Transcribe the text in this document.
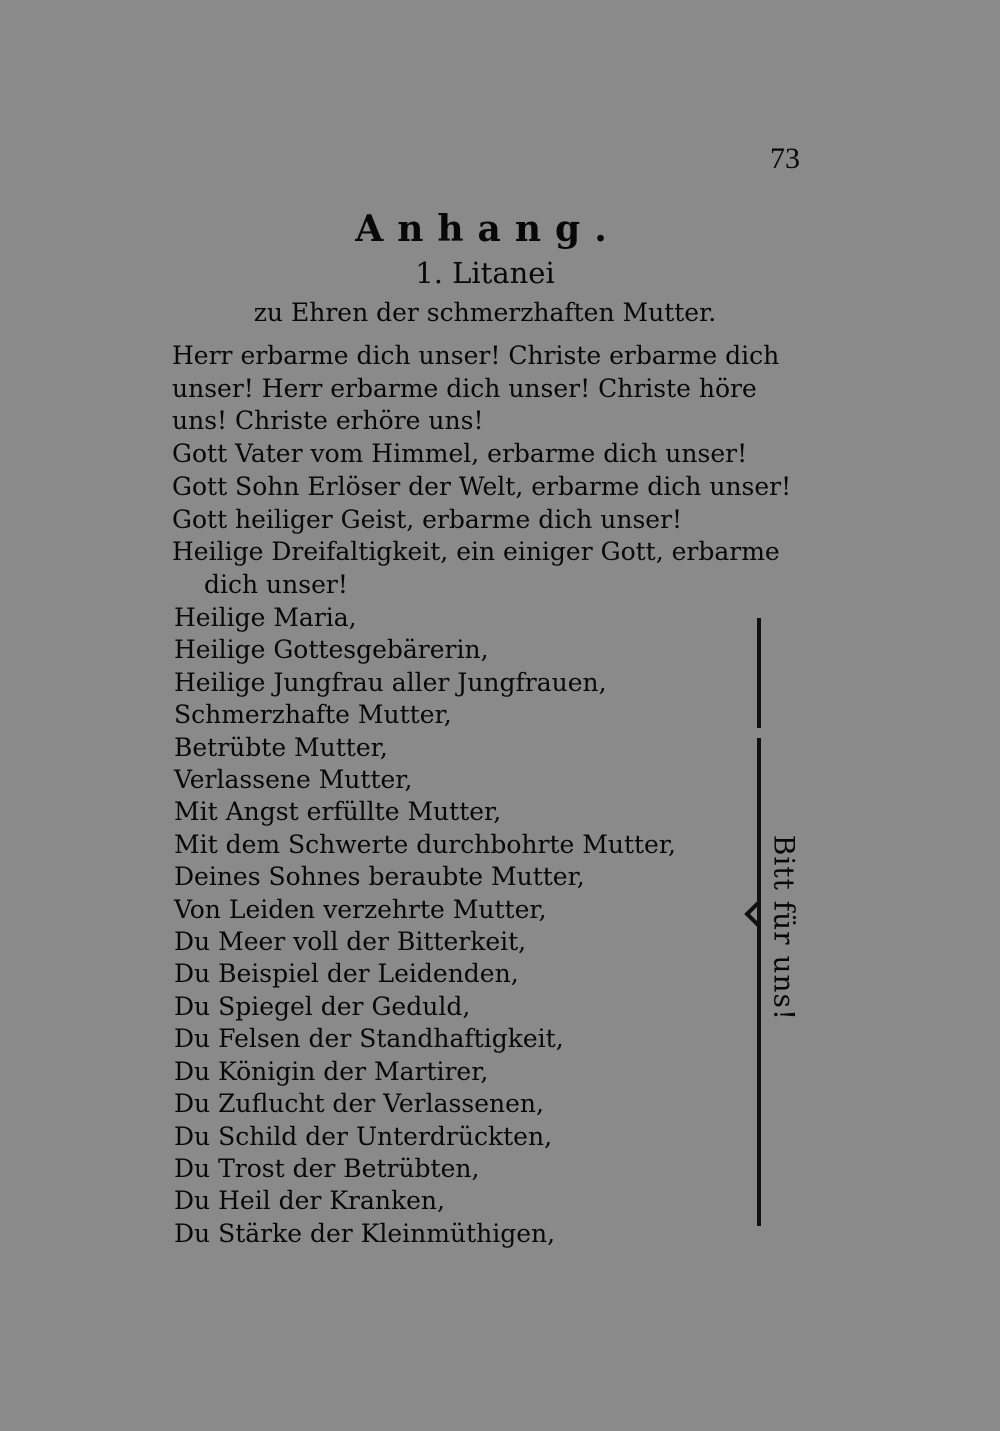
73
Anhang.
1. Litanei
zu Ehren der schmerzhaften Mutter.

Herr erbarme dich unser! Christe erbarme dich

unser! Herr erbarme dich unser! Christe höre

uns! Christe erhöre uns!

Gott Vater vom Himmel, erbarme dich unser!

Gott Sohn Erlöser der Welt, erbarme dich unser!

Gott heiliger Geist, erbarme dich unser!

Heilige Dreifaltigkeit, ein einiger Gott, erbarme

dich unser!

Heilige Maria,
Heilige Gottesgebärerin,
Heilige Jungfrau aller Jungfrauen,
Schmerzhafte Mutter,
Betrübte Mutter,
Verlassene Mutter,
Mit Angst erfüllte Mutter,
Mit dem Schwerte durchbohrte Mutter,
Deines Sohnes beraubte Mutter,
Von Leiden verzehrte Mutter,
Du Meer voll der Bitterkeit,
Du Beispiel der Leidenden,
Du Spiegel der Geduld,
Du Felsen der Standhaftigkeit,
Du Königin der Martirer,
Du Zuflucht der Verlassenen,
Du Schild der Unterdrückten,
Du Trost der Betrübten,
Du Heil der Kranken,
Du Stärke der Kleinmüthigen,
Bitt für uns!
